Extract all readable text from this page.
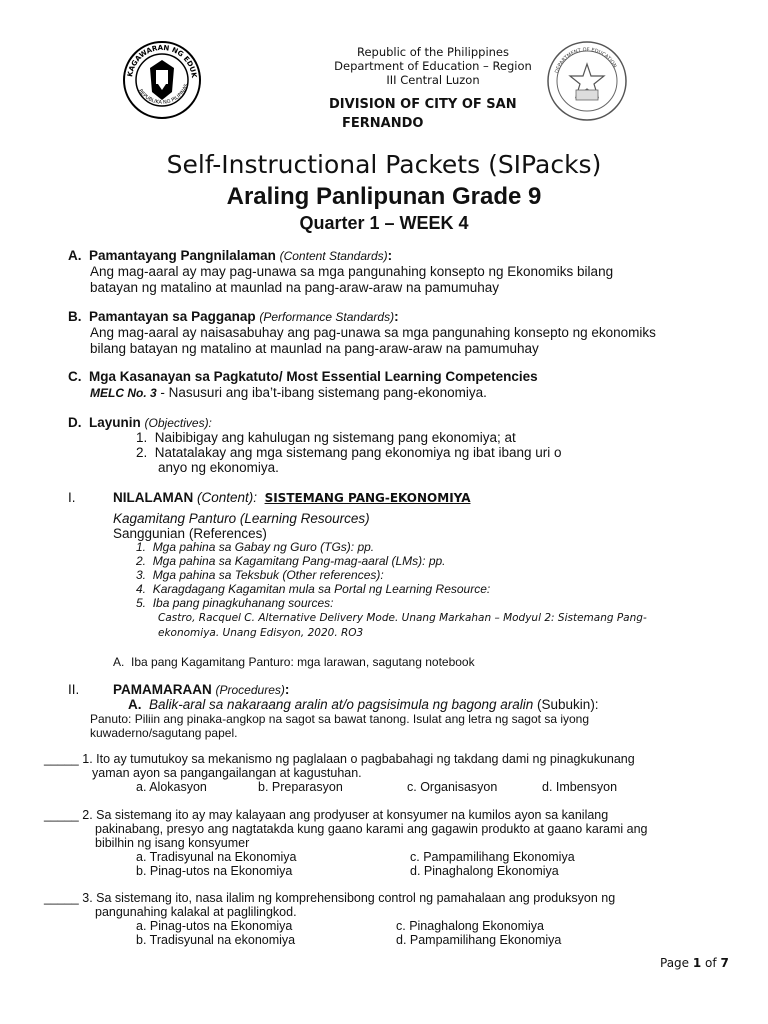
KAGAWARAN NG EDUK
REPUBLIKA NG PILIPINAS
Republic of the Philippines
Department of Education – Region
III Central Luzon
DIVISION OF CITY OF SAN
FERNANDO
DEPARTMENT OF EDUCATION
Self-Instructional Packets (SIPacks)
Araling Panlipunan Grade 9
Quarter 1 – WEEK 4
A. Pamantayang Pangnilalaman (Content Standards):
Ang mag-aaral ay may pag-unawa sa mga pangunahing konsepto ng Ekonomiks bilang
batayan ng matalino at maunlad na pang-araw-araw na pamumuhay
B. Pamantayan sa Pagganap (Performance Standards):
Ang mag-aaral ay naisasabuhay ang pag-unawa sa mga pangunahing konsepto ng ekonomiks
bilang batayan ng matalino at maunlad na pang-araw-araw na pamumuhay
C. Mga Kasanayan sa Pagkatuto/ Most Essential Learning Competencies
MELC No. 3 - Nasusuri ang iba’t-ibang sistemang pang-ekonomiya.
D. Layunin (Objectives):
1. Naibibigay ang kahulugan ng sistemang pang ekonomiya; at
2. Natatalakay ang mga sistemang pang ekonomiya ng ibat ibang uri o
anyo ng ekonomiya.
I.	NILALAMAN (Content): SISTEMANG PANG-EKONOMIYA
Kagamitang Panturo (Learning Resources)
Sanggunian (References)
1. Mga pahina sa Gabay ng Guro (TGs): pp.
2. Mga pahina sa Kagamitang Pang-mag-aaral (LMs): pp.
3. Mga pahina sa Teksbuk (Other references):
4. Karagdagang Kagamitan mula sa Portal ng Learning Resource:
5. Iba pang pinagkuhanang sources:
Castro, Racquel C. Alternative Delivery Mode. Unang Markahan – Modyul 2: Sistemang Pang-
ekonomiya. Unang Edisyon, 2020. RO3
A. Iba pang Kagamitang Panturo: mga larawan, sagutang notebook
II. PAMAMARAAN (Procedures):
A. Balik-aral sa nakaraang aralin at/o pagsisimula ng bagong aralin (Subukin):
Panuto: Piliin ang pinaka-angkop na sagot sa bawat tanong. Isulat ang letra ng sagot sa iyong
kuwaderno/sagutang papel.
_____ 1. Ito ay tumutukoy sa mekanismo ng paglalaan o pagbabahagi ng takdang dami ng pinagkukunang
yaman ayon sa pangangailangan at kagustuhan.
a. Alokasyon	b. Preparasyon	c. Organisasyon	d. Imbensyon
_____ 2. Sa sistemang ito ay may kalayaan ang prodyuser at konsyumer na kumilos ayon sa kanilang
pakinabang, presyo ang nagtatakda kung gaano karami ang gagawin produkto at gaano karami ang
bibilhin ng isang konsyumer
a. Tradisyunal na Ekonomiya	c. Pampamilihang Ekonomiya
b. Pinag-utos na Ekonomiya	d. Pinaghalong Ekonomiya
_____ 3. Sa sistemang ito, nasa ilalim ng komprehensibong control ng pamahalaan ang produksyon ng
pangunahing kalakal at paglilingkod.
a. Pinag-utos na Ekonomiya	c. Pinaghalong Ekonomiya
b. Tradisyunal na ekonomiya	d. Pampamilihang Ekonomiya
Page 1 of 7
